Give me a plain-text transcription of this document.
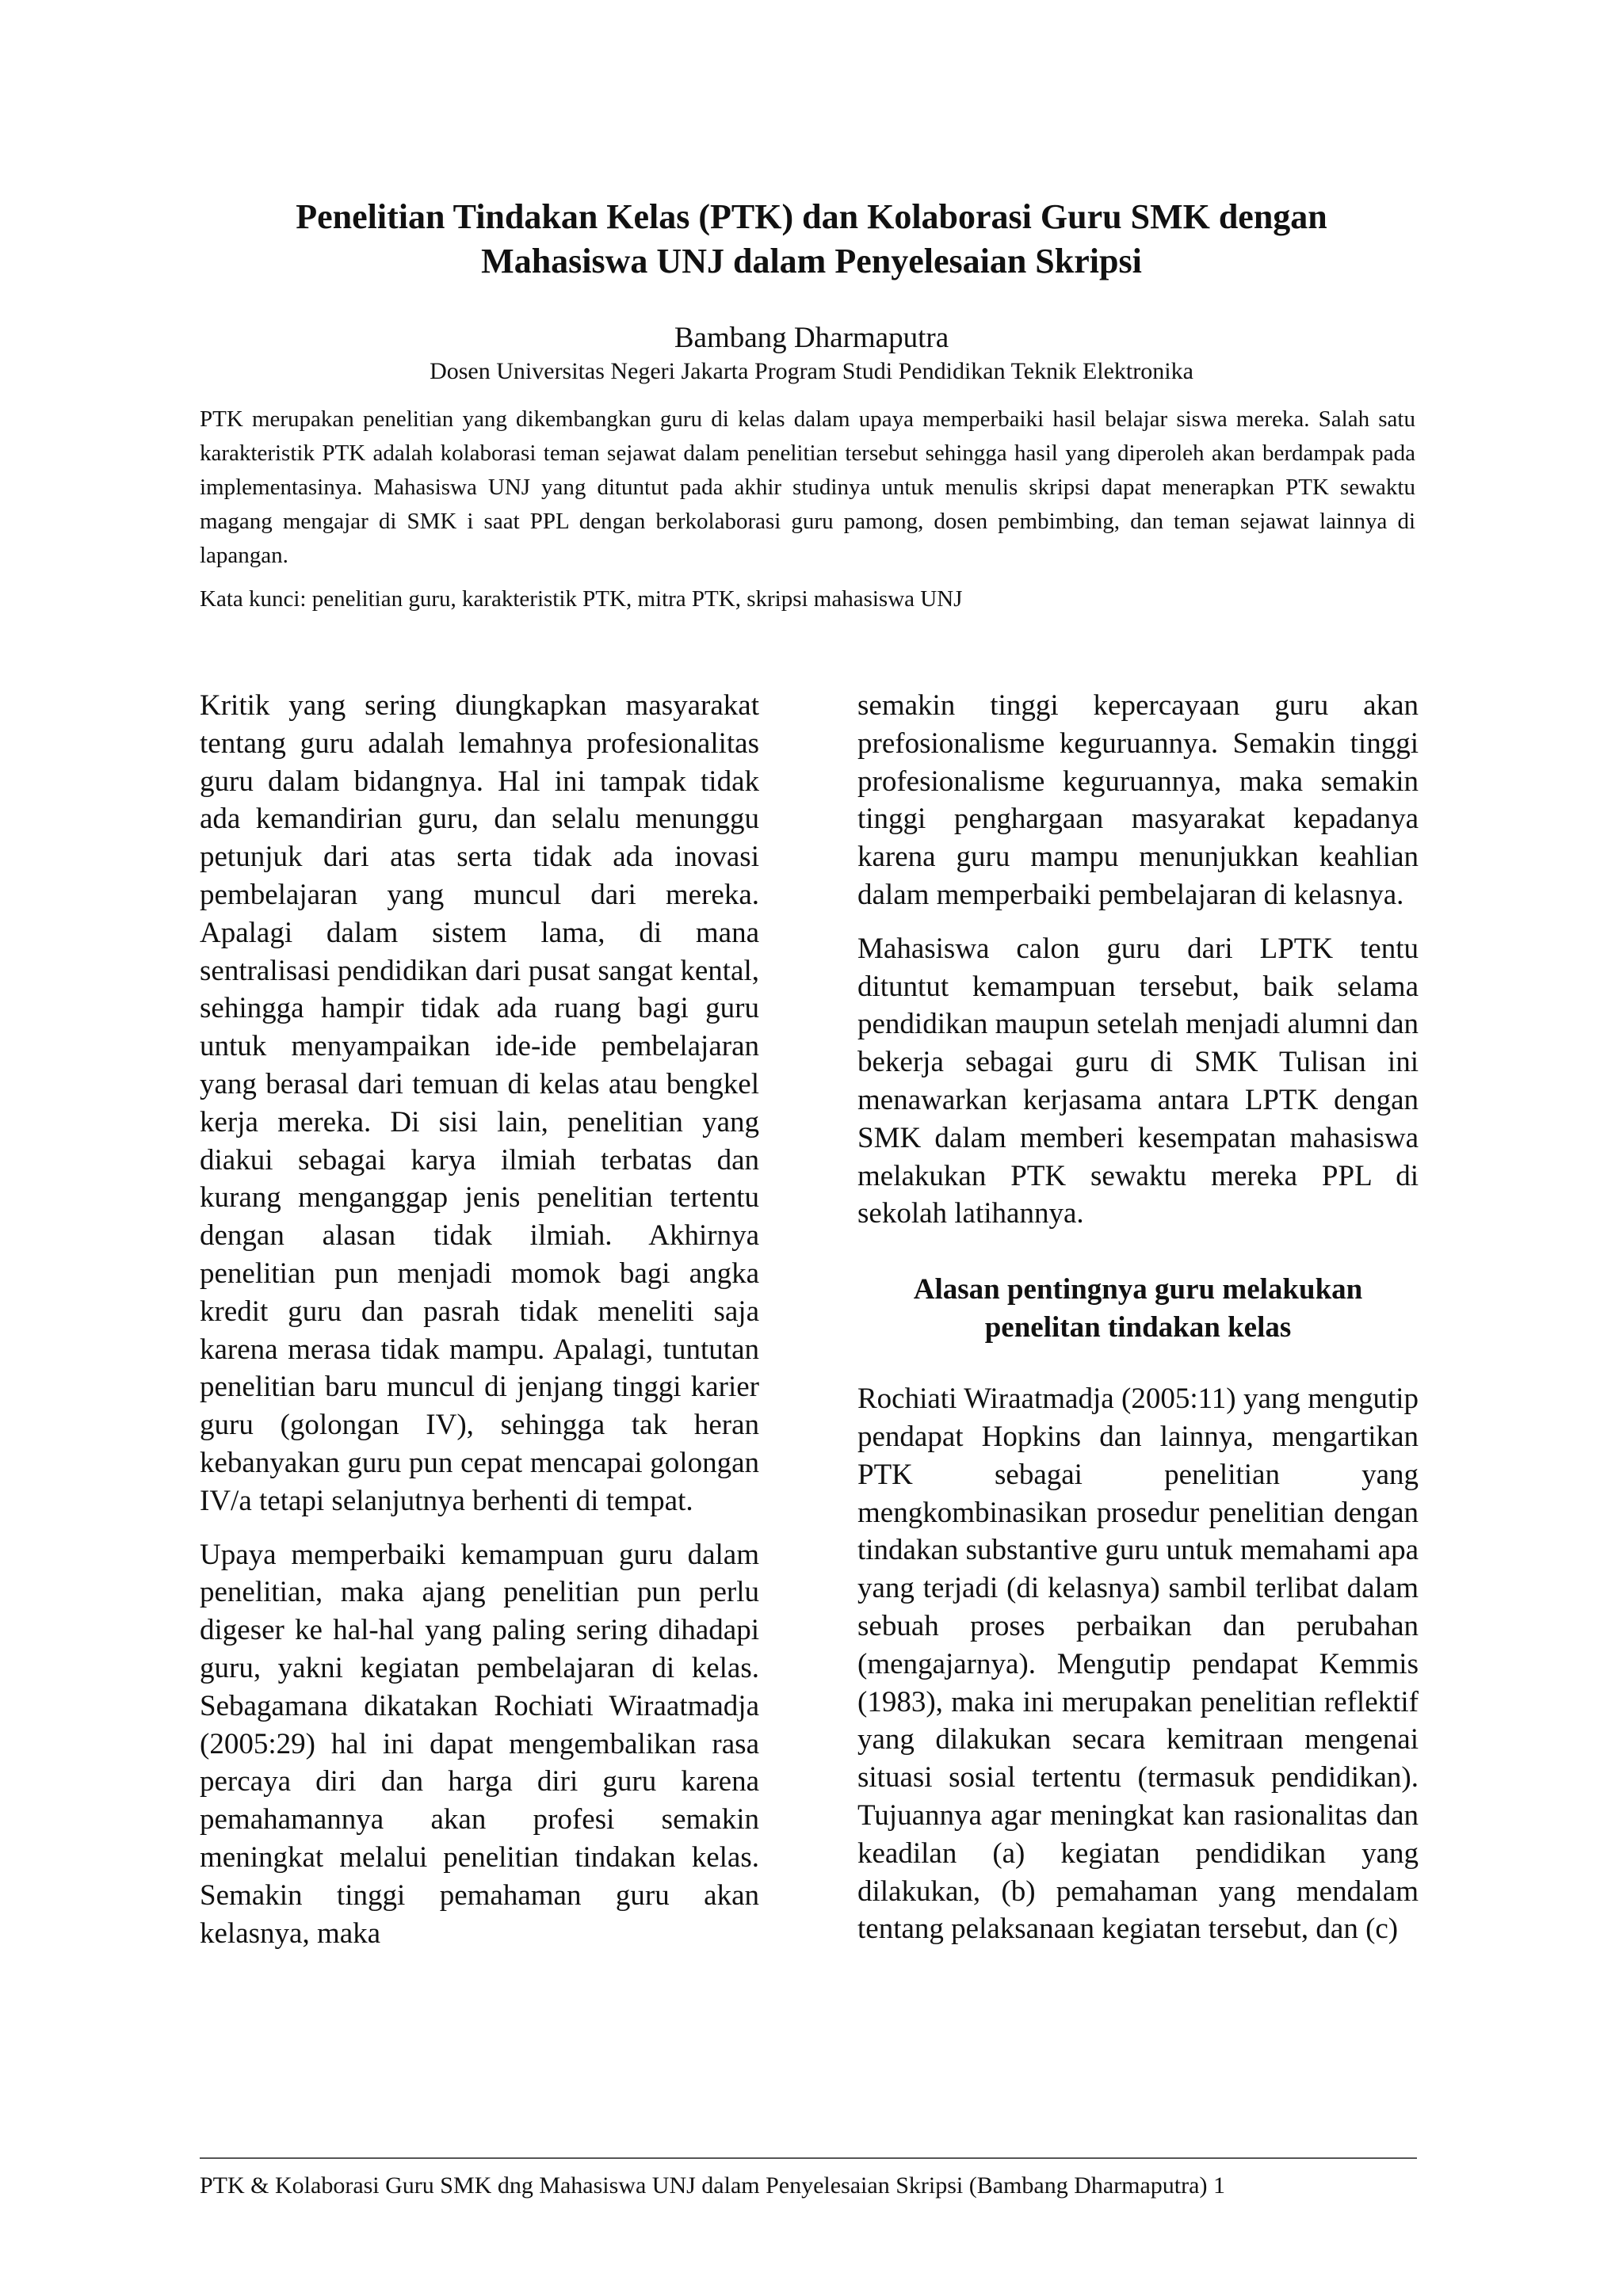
Penelitian Tindakan Kelas (PTK) dan Kolaborasi Guru SMK dengan
Mahasiswa UNJ dalam Penyelesaian Skripsi

Bambang Dharmaputra

Dosen Universitas Negeri Jakarta Program Studi Pendidikan Teknik Elektronika

PTK merupakan penelitian yang dikembangkan guru di kelas dalam upaya memperbaiki hasil belajar siswa mereka. Salah satu karakteristik PTK adalah kolaborasi teman sejawat dalam penelitian tersebut sehingga hasil yang diperoleh akan berdampak pada implementasinya. Mahasiswa UNJ yang dituntut pada akhir studinya untuk menulis skripsi dapat menerapkan PTK sewaktu magang mengajar di SMK i saat PPL dengan berkolaborasi guru pamong, dosen pembimbing, dan teman sejawat lainnya di lapangan.

Kata kunci: penelitian guru, karakteristik PTK, mitra PTK, skripsi mahasiswa UNJ

Kritik yang sering diungkapkan masyarakat tentang guru adalah lemahnya profesionalitas guru dalam bidangnya. Hal ini tampak tidak ada kemandirian guru, dan selalu menunggu petunjuk dari atas serta tidak ada inovasi pembelajaran yang muncul dari mereka. Apalagi dalam sistem lama, di mana sentralisasi pendidikan dari pusat sangat kental, sehingga hampir tidak ada ruang bagi guru untuk menyampaikan ide-ide pembelajaran yang berasal dari temuan di kelas atau bengkel kerja mereka. Di sisi lain, penelitian yang diakui sebagai karya ilmiah terbatas dan kurang menganggap jenis penelitian tertentu dengan alasan tidak ilmiah. Akhirnya penelitian pun menjadi momok bagi angka kredit guru dan pasrah tidak meneliti saja karena merasa tidak mampu. Apalagi, tuntutan penelitian baru muncul di jenjang tinggi karier guru (golongan IV), sehingga tak heran kebanyakan guru pun cepat mencapai golongan IV/a tetapi selanjutnya berhenti di tempat.

Upaya memperbaiki kemampuan guru dalam penelitian, maka ajang penelitian pun perlu digeser ke hal-hal yang paling sering dihadapi guru, yakni kegiatan pembelajaran di kelas. Sebagamana dikatakan Rochiati Wiraatmadja (2005:29) hal ini dapat mengembalikan rasa percaya diri dan harga diri guru karena pemahamannya akan profesi semakin meningkat melalui penelitian tindakan kelas. Semakin tinggi pemahaman guru akan kelasnya, maka

semakin tinggi kepercayaan guru akan prefosionalisme keguruannya. Semakin tinggi profesionalisme keguruannya, maka semakin tinggi penghargaan masyarakat kepadanya karena guru mampu menunjukkan keahlian dalam memperbaiki pembelajaran di kelasnya.

Mahasiswa calon guru dari LPTK tentu dituntut kemampuan tersebut, baik selama pendidikan maupun setelah menjadi alumni dan bekerja sebagai guru di SMK Tulisan ini menawarkan kerjasama antara LPTK dengan SMK dalam memberi kesempatan mahasiswa melakukan PTK sewaktu mereka PPL di sekolah latihannya.

Alasan pentingnya guru melakukan
penelitan tindakan kelas

Rochiati Wiraatmadja (2005:11) yang mengutip pendapat Hopkins dan lainnya, mengartikan PTK sebagai penelitian yang mengkombinasikan prosedur penelitian dengan tindakan substantive guru untuk memahami apa yang terjadi (di kelasnya) sambil terlibat dalam sebuah proses perbaikan dan perubahan (mengajarnya). Mengutip pendapat Kemmis (1983), maka ini merupakan penelitian reflektif yang dilakukan secara kemitraan mengenai situasi sosial tertentu (termasuk pendidikan). Tujuannya agar meningkat kan rasionalitas dan keadilan (a) kegiatan pendidikan yang dilakukan, (b) pemahaman yang mendalam tentang pelaksanaan kegiatan tersebut, dan (c)

PTK & Kolaborasi Guru SMK dng Mahasiswa UNJ dalam Penyelesaian Skripsi (Bambang Dharmaputra) 1
